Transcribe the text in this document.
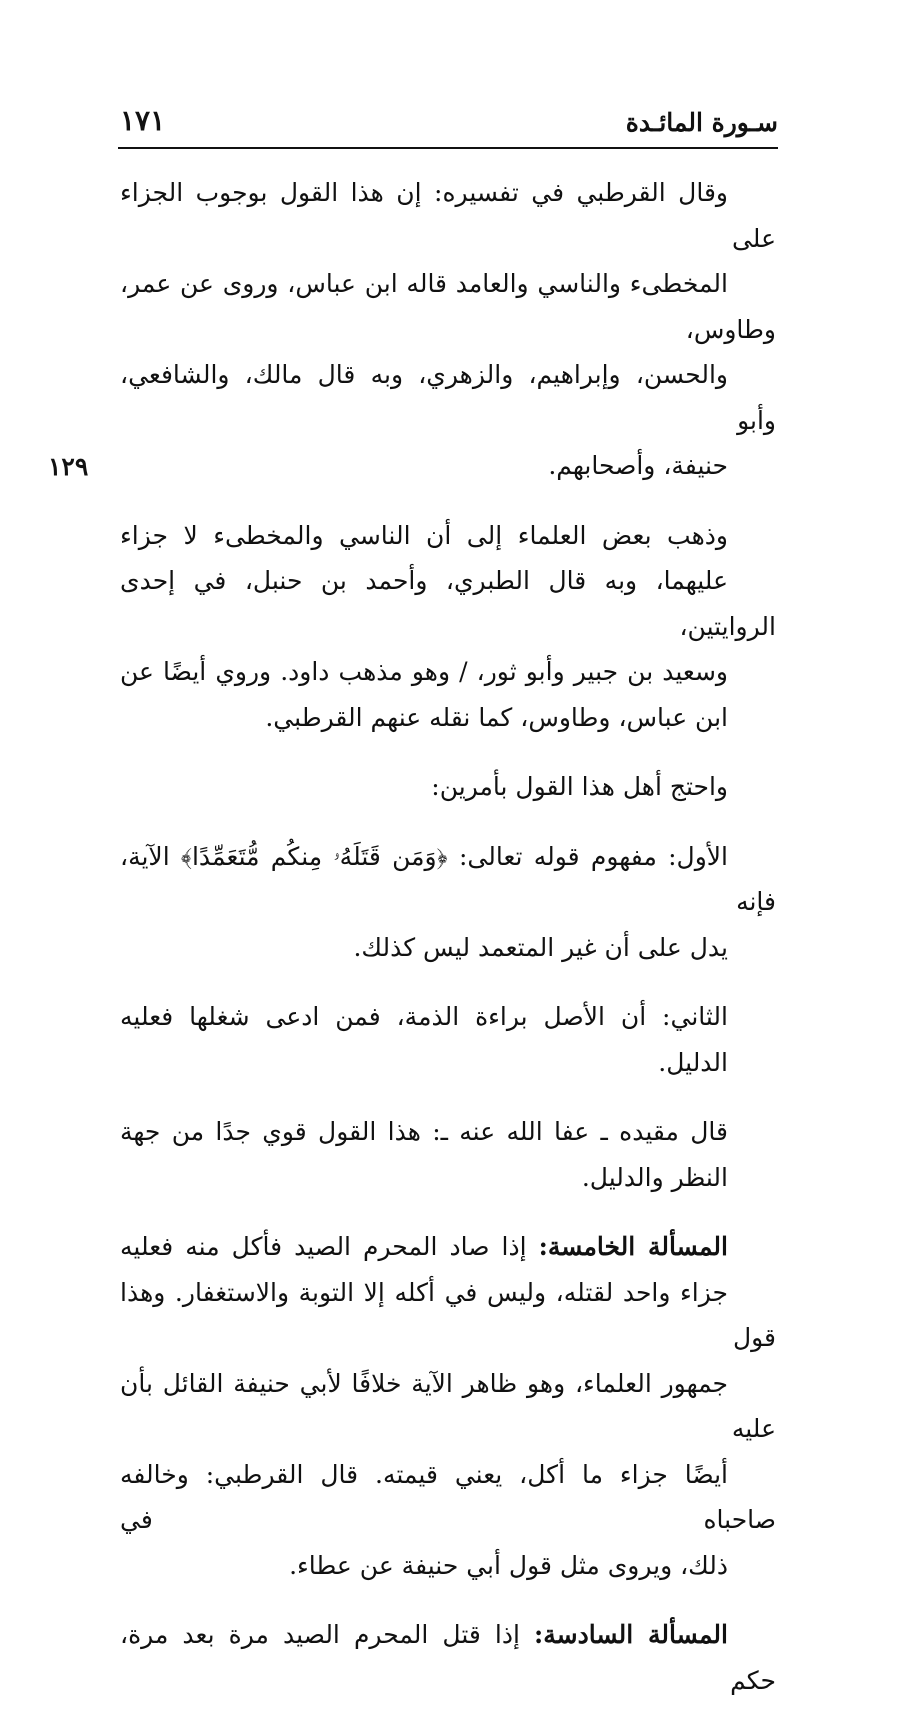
سـورة المائـدة
١٧١
١٢٩

وقال القرطبي في تفسيره: إن هذا القول بوجوب الجزاء على
المخطىء والناسي والعامد قاله ابن عباس، وروى عن عمر، وطاوس،
والحسن، وإبراهيم، والزهري، وبه قال مالك، والشافعي، وأبو
حنيفة، وأصحابهم.

وذهب بعض العلماء إلى أن الناسي والمخطىء لا جزاء
عليهما، وبه قال الطبري، وأحمد بن حنبل، في إحدى الروايتين،
وسعيد بن جبير وأبو ثور، / وهو مذهب داود. وروي أيضًا عن
ابن عباس، وطاوس، كما نقله عنهم القرطبي.

واحتج أهل هذا القول بأمرين:

الأول: مفهوم قوله تعالى: ﴿وَمَن قَتَلَهُۥ مِنكُم مُّتَعَمِّدًا﴾ الآية، فإنه
يدل على أن غير المتعمد ليس كذلك.

الثاني: أن الأصل براءة الذمة، فمن ادعى شغلها فعليه
الدليل.

قال مقيده ـ عفا الله عنه ـ: هذا القول قوي جدًا من جهة
النظر والدليل.

المسألة الخامسة: إذا صاد المحرم الصيد فأكل منه فعليه
جزاء واحد لقتله، وليس في أكله إلا التوبة والاستغفار. وهذا قول
جمهور العلماء، وهو ظاهر الآية خلافًا لأبي حنيفة القائل بأن عليه
أيضًا جزاء ما أكل، يعني قيمته. قال القرطبي: وخالفه صاحباه في
ذلك، ويروى مثل قول أبي حنيفة عن عطاء.

المسألة السادسة: إذا قتل المحرم الصيد مرة بعد مرة، حكم
